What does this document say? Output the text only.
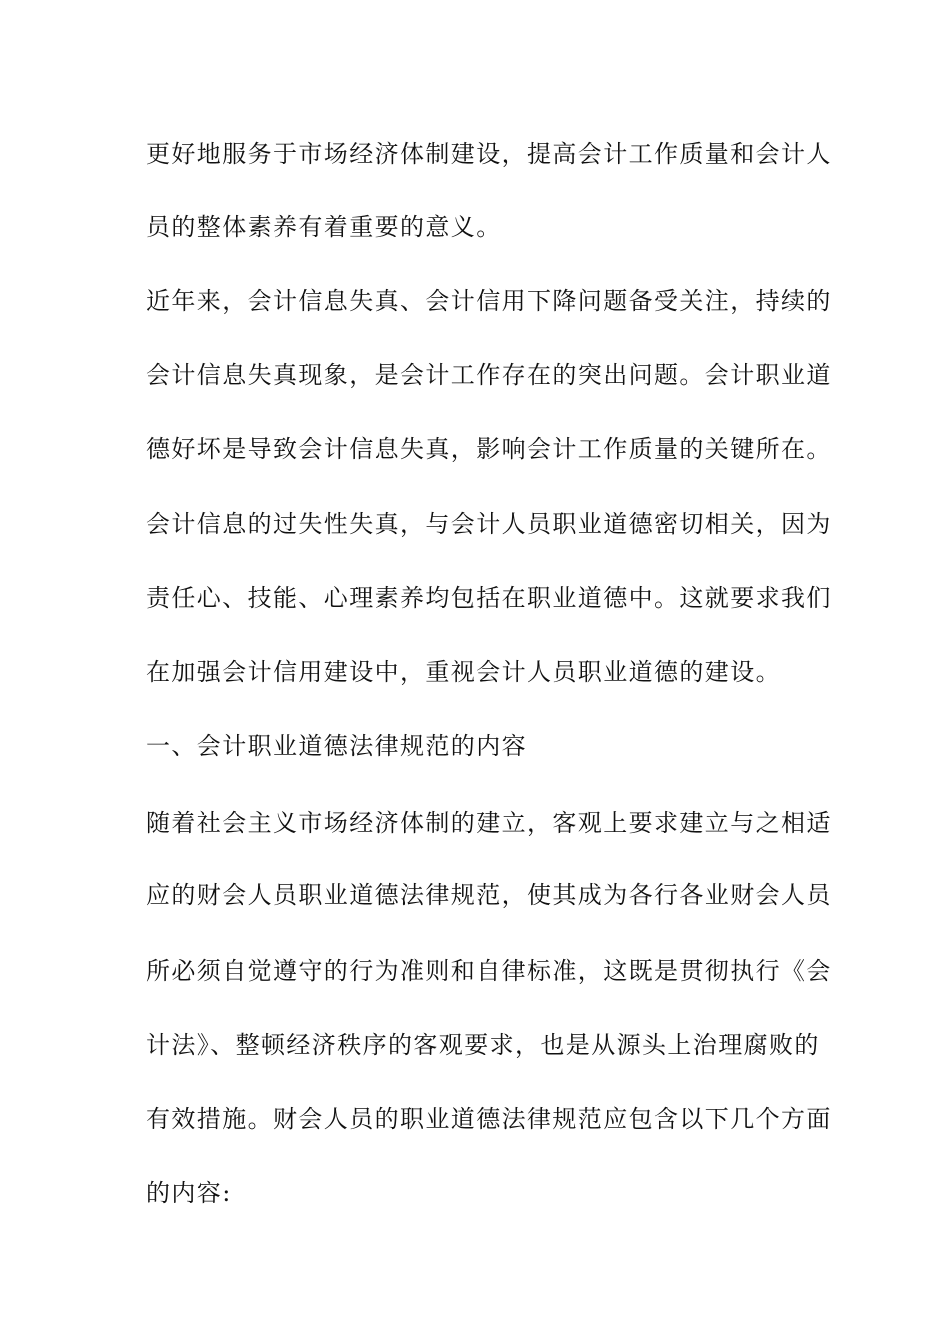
更好地服务于市场经济体制建设，提高会计工作质量和会计人
员的整体素养有着重要的意义。
近年来，会计信息失真、会计信用下降问题备受关注，持续的
会计信息失真现象，是会计工作存在的突出问题。会计职业道
德好坏是导致会计信息失真，影响会计工作质量的关键所在。
会计信息的过失性失真，与会计人员职业道德密切相关，因为
责任心、技能、心理素养均包括在职业道德中。这就要求我们
在加强会计信用建设中，重视会计人员职业道德的建设。
一、会计职业道德法律规范的内容
随着社会主义市场经济体制的建立，客观上要求建立与之相适
应的财会人员职业道德法律规范，使其成为各行各业财会人员
所必须自觉遵守的行为准则和自律标准，这既是贯彻执行《会
计法》、整顿经济秩序的客观要求，也是从源头上治理腐败的
有效措施。财会人员的职业道德法律规范应包含以下几个方面
的内容:
